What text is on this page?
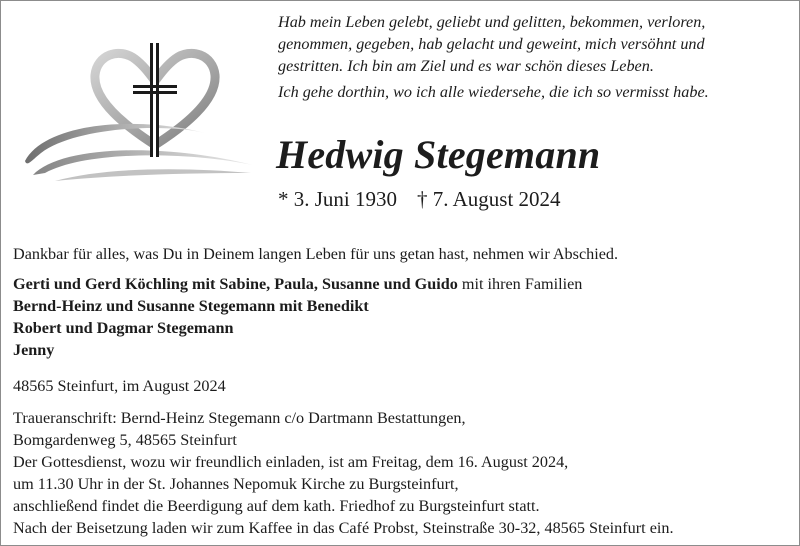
Hab mein Leben gelebt, geliebt und gelitten, bekommen, verloren,
genommen, gegeben, hab gelacht und geweint, mich versöhnt und
gestritten. Ich bin am Ziel und es war schön dieses Leben.

Ich gehe dorthin, wo ich alle wiedersehe, die ich so vermisst habe.

Hedwig Stegemann
* 3. Juni 1930 † 7. August 2024

Dankbar für alles, was Du in Deinem langen Leben für uns getan hast, nehmen wir Abschied.

Gerti und Gerd Köchling mit Sabine, Paula, Susanne und Guido mit ihren Familien
Bernd-Heinz und Susanne Stegemann mit Benedikt
Robert und Dagmar Stegemann
Jenny

48565 Steinfurt, im August 2024

Traueranschrift: Bernd-Heinz Stegemann c/o Dartmann Bestattungen,
Bomgardenweg 5, 48565 Steinfurt

Der Gottesdienst, wozu wir freundlich einladen, ist am Freitag, dem 16. August 2024,
um 11.30 Uhr in der St. Johannes Nepomuk Kirche zu Burgsteinfurt,
anschließend findet die Beerdigung auf dem kath. Friedhof zu Burgsteinfurt statt.

Nach der Beisetzung laden wir zum Kaffee in das Café Probst, Steinstraße 30-32, 48565 Steinfurt ein.
